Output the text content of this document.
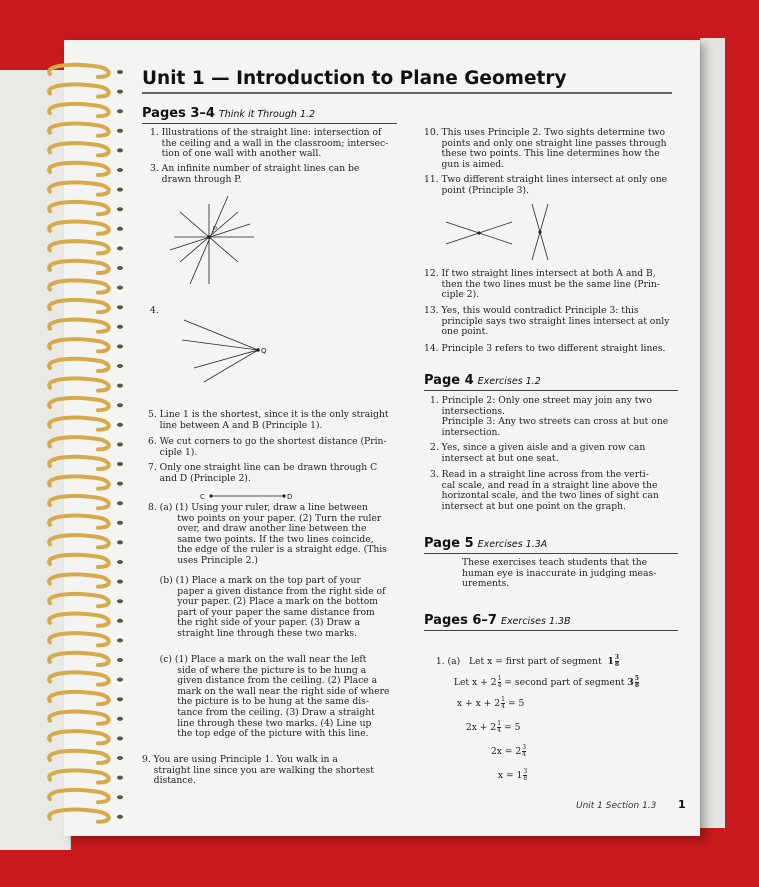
Unit 1 — Introduction to Plane Geometry
Pages 3–4 Think it Through 1.2
Page 4 Exercises 1.2
Page 5 Exercises 1.3A
Pages 6–7 Exercises 1.3B
1. Illustrations of the straight line: intersection of
the ceiling and a wall in the classroom; intersec-
tion of one wall with another wall.
3. An infinite number of straight lines can be
drawn through P.
P
4.
Q
5. Line 1 is the shortest, since it is the only straight
line between A and B (Principle 1).
6. We cut corners to go the shortest distance (Prin-
ciple 1).
7. Only one straight line can be drawn through C
and D (Principle 2).
C	D
8. (a) (1) Using your ruler, draw a line between
two points on your paper. (2) Turn the ruler
over, and draw another line between the
same two points. If the two lines coincide,
the edge of the ruler is a straight edge. (This
uses Principle 2.)
(b) (1) Place a mark on the top part of your
paper a given distance from the right side of
your paper. (2) Place a mark on the bottom
part of your paper the same distance from
the right side of your paper. (3) Draw a
straight line through these two marks.
(c) (1) Place a mark on the wall near the left
side of where the picture is to be hung a
given distance from the ceiling. (2) Place a
mark on the wall near the right side of where
the picture is to be hung at the same dis-
tance from the ceiling. (3) Draw a straight
line through these two marks. (4) Line up
the top edge of the picture with this line.
9. You are using Principle 1. You walk in a
straight line since you are walking the shortest
distance.
10. This uses Principle 2. Two sights determine two
points and only one straight line passes through
these two points. This line determines how the
gun is aimed.
11. Two different straight lines intersect at only one
point (Principle 3).
12. If two straight lines intersect at both A and B,
then the two lines must be the same line (Prin-
ciple 2).
13. Yes, this would contradict Principle 3: this
principle says two straight lines intersect at only
one point.
14. Principle 3 refers to two different straight lines.
1. Principle 2: Only one street may join any two
intersections.
Principle 3: Any two streets can cross at but one
intersection.
2. Yes, since a given aisle and a given row can
intersect at but one seat.
3. Read in a straight line across from the verti-
cal scale, and read in a straight line above the
horizontal scale, and the two lines of sight can
intersect at but one point on the graph.
These exercises teach students that the
human eye is inaccurate in judging meas-
urements.

1. (a)   Let x = first part of segment $1 \frac{3}{8}$

Let $x + 2 \frac{1}{4}$ = second part of segment $3 \frac{5}{8}$

$x + x + 2 \frac{1}{4} = 5$

$2x + 2 \frac{1}{4} = 5$

$2x = 2 \frac{3}{4}$

$x = 1 \frac{3}{8}$

Unit 1 Section 1.3 1
